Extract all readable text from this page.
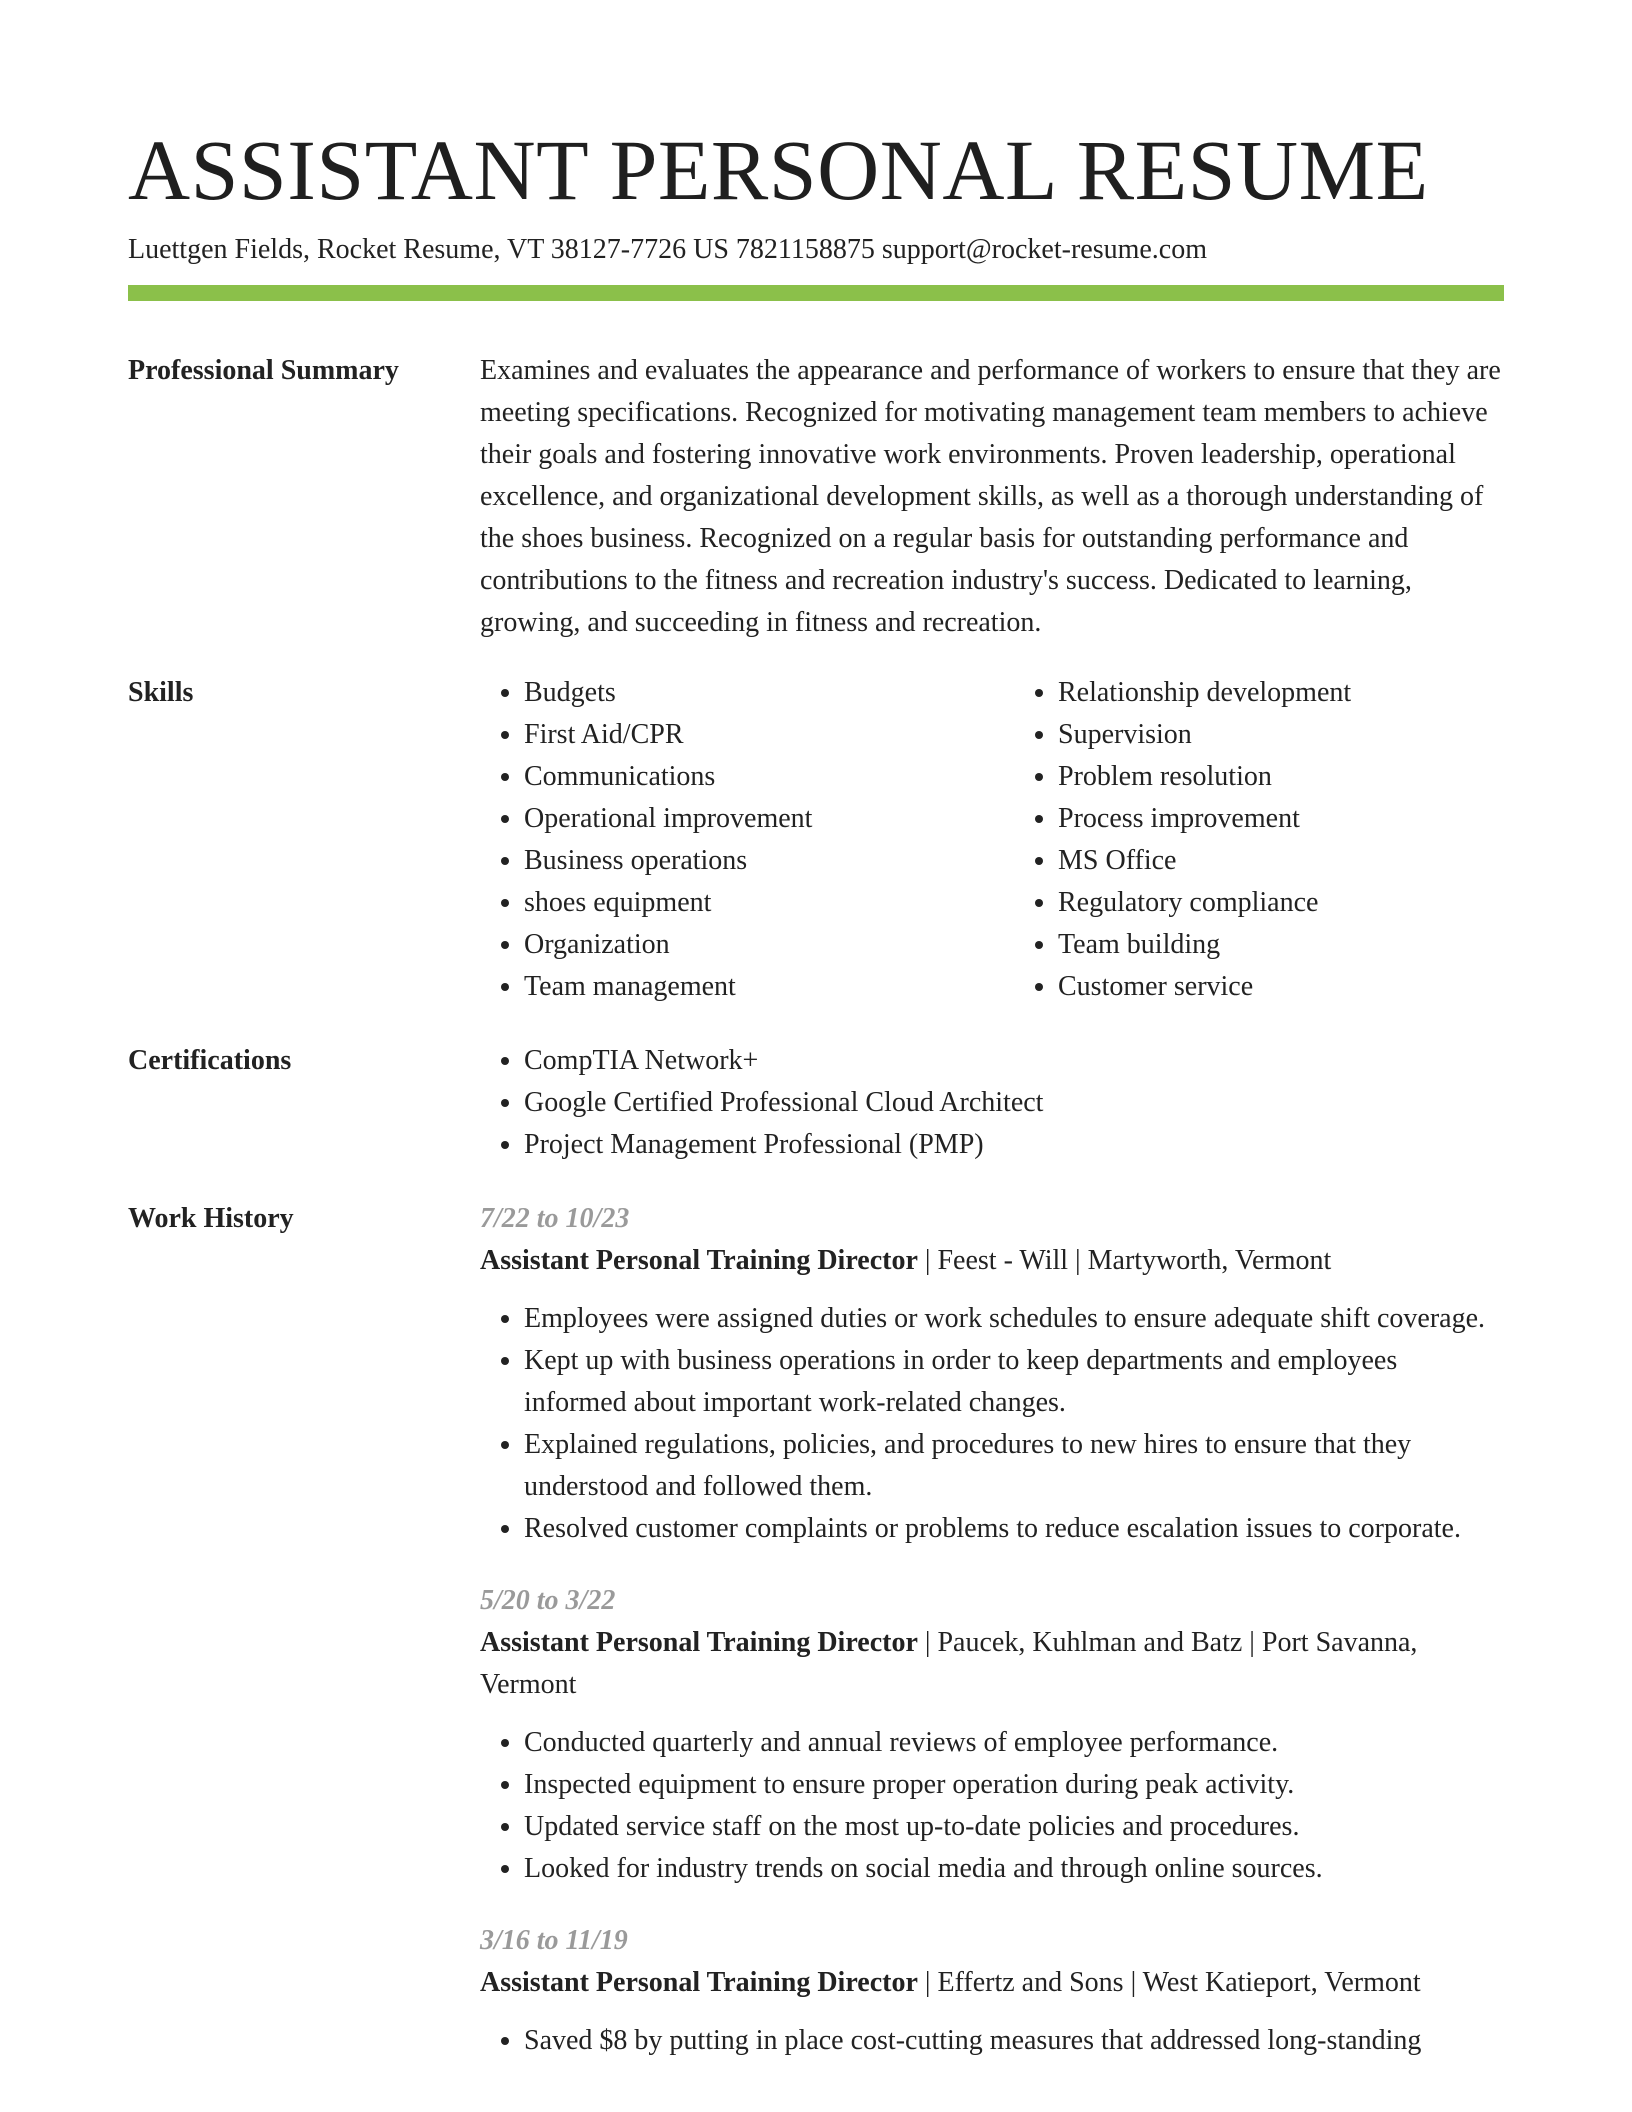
ASSISTANT PERSONAL RESUME
Luettgen Fields, Rocket Resume, VT 38127-7726 US 7821158875 support@rocket-resume.com
Professional Summary	Examines and evaluates the appearance and performance of workers to ensure that they are meeting specifications. Recognized for motivating management team members to achieve their goals and fostering innovative work environments. Proven leadership, operational excellence, and organizational development skills, as well as a thorough understanding of the shoes business. Recognized on a regular basis for outstanding performance and contributions to the fitness and recreation industry's success. Dedicated to learning, growing, and succeeding in fitness and recreation.

Skills	• Budgets
• First Aid/CPR
• Communications
• Operational improvement
• Business operations
• shoes equipment
• Organization
• Team management
• Relationship development
• Supervision
• Problem resolution
• Process improvement
• MS Office
• Regulatory compliance
• Team building
• Customer service
Certifications	• CompTIA Network+
• Google Certified Professional Cloud Architect
• Project Management Professional (PMP)
Work History	7/22 to 10/23
Assistant Personal Training Director | Feest - Will | Martyworth, Vermont
• Employees were assigned duties or work schedules to ensure adequate shift coverage.
• Kept up with business operations in order to keep departments and employees informed about important work-related changes.
• Explained regulations, policies, and procedures to new hires to ensure that they understood and followed them.
• Resolved customer complaints or problems to reduce escalation issues to corporate.
5/20 to 3/22
Assistant Personal Training Director | Paucek, Kuhlman and Batz | Port Savanna, Vermont
• Conducted quarterly and annual reviews of employee performance.
• Inspected equipment to ensure proper operation during peak activity.
• Updated service staff on the most up-to-date policies and procedures.
• Looked for industry trends on social media and through online sources.
3/16 to 11/19
Assistant Personal Training Director | Effertz and Sons | West Katieport, Vermont
• Saved $8 by putting in place cost-cutting measures that addressed long-standing
